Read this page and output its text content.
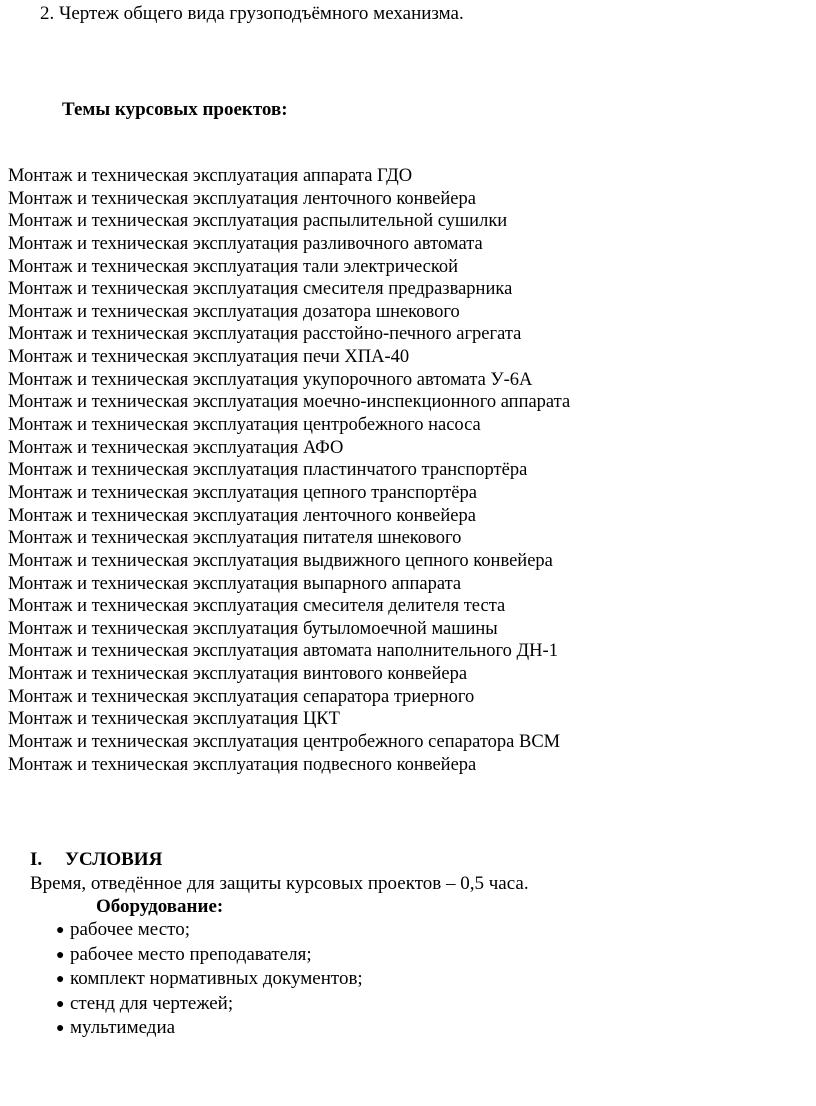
2. Чертеж общего вида грузоподъёмного механизма.
Темы курсовых проектов:
Монтаж и техническая эксплуатация аппарата ГДО
Монтаж и техническая эксплуатация ленточного конвейера
Монтаж и техническая эксплуатация распылительной сушилки
Монтаж и техническая эксплуатация разливочного автомата
Монтаж и техническая эксплуатация тали электрической
Монтаж и техническая эксплуатация смесителя предразварника
Монтаж и техническая эксплуатация дозатора шнекового
Монтаж и техническая эксплуатация расстойно-печного агрегата
Монтаж и техническая эксплуатация печи ХПА-40
Монтаж и техническая эксплуатация укупорочного автомата У-6А
Монтаж и техническая эксплуатация моечно-инспекционного аппарата
Монтаж и техническая эксплуатация центробежного насоса
Монтаж и техническая эксплуатация АФО
Монтаж и техническая эксплуатация пластинчатого транспортёра
Монтаж и техническая эксплуатация цепного транспортёра
Монтаж и техническая эксплуатация ленточного конвейера
Монтаж и техническая эксплуатация питателя шнекового
Монтаж и техническая эксплуатация выдвижного цепного конвейера
Монтаж и техническая эксплуатация выпарного аппарата
Монтаж и техническая эксплуатация смесителя делителя теста
Монтаж и техническая эксплуатация бутыломоечной машины
Монтаж и техническая эксплуатация автомата наполнительного ДН-1
Монтаж и техническая эксплуатация винтового конвейера
Монтаж и техническая эксплуатация сепаратора триерного
Монтаж и техническая эксплуатация ЦКТ
Монтаж и техническая эксплуатация центробежного сепаратора ВСМ
Монтаж и техническая эксплуатация подвесного конвейера
I. УСЛОВИЯ
Время, отведённое для защиты курсовых проектов – 0,5 часа.
Оборудование:
● рабочее место;
● рабочее место преподавателя;
● комплект нормативных документов;
● стенд для чертежей;
● мультимедиа
